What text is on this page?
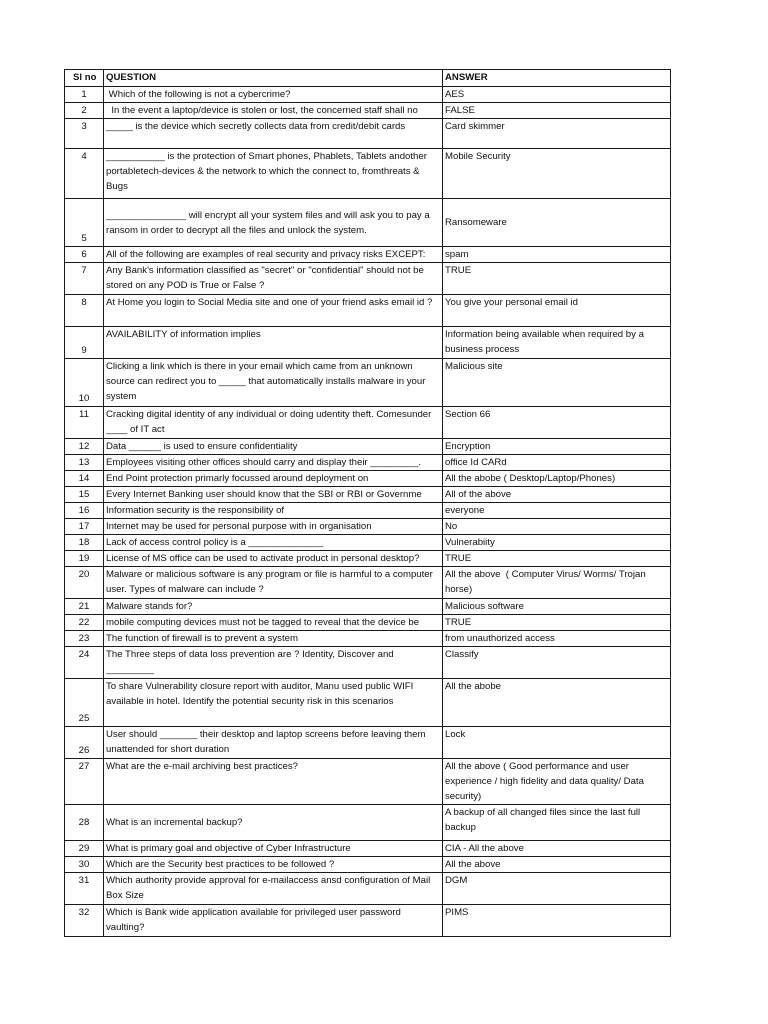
Sl no	QUESTION	ANSWER
1	Which of the following is not a cybercrime?	AES
2	In the event a laptop/device is stolen or lost, the concerned staff shall no	FALSE
3	_____ is the device which secretly collects data from credit/debit cards	Card skimmer
4	___________ is the protection of Smart phones, Phablets, Tablets andother portabletech-devices & the network to which the connect to, fromthreats & Bugs	Mobile Security
5	_______________ will encrypt all your system files and will ask you to pay a ransom in order to decrypt all the files and unlock the system.	Ransomeware
6	All of the following are examples of real security and privacy risks EXCEPT:	spam
7	Any Bank's information classified as "secret" or "confidential" should not be stored on any POD is True or False ?	TRUE
8	At Home you login to Social Media site and one of your friend asks email id ?	You give your personal email id
9	AVAILABILITY of information implies	Information being available when required by a business process
10	Clicking a link which is there in your email which came from an unknown source can redirect you to _____ that automatically installs malware in your system	Malicious site
11	Cracking digital identity of any individual or doing udentity theft. Comesunder ____ of IT act	Section 66
12	Data ______ is used to ensure confidentiality	Encryption
13	Employees visiting other offices should carry and display their _________.	office Id CARd
14	End Point protection primarly focussed around deployment on	All the abobe ( Desktop/Laptop/Phones)
15	Every Internet Banking user should know that the SBI or RBI or Governme	All of the above
16	Information security is the responsibility of	everyone
17	Internet may be used for personal purpose with in organisation	No
18	Lack of access control policy is a ______________	Vulnerabiity
19	License of MS office can be used to activate product in personal desktop?	TRUE
20	Malware or malicious software is any program or file is harmful to a computer user. Types of malware can include ?	All the above  ( Computer Virus/ Worms/ Trojan horse)
21	Malware stands for?	Malicious software
22	mobile computing devices must not be tagged to reveal that the device be	TRUE
23	The function of firewall is to prevent a system	from unauthorized access
24	The Three steps of data loss prevention are ? Identity, Discover and _________	Classify
25	To share Vulnerability closure report with auditor, Manu used public WIFI available in hotel. Identify the potential security risk in this scenarios	All the abobe
26	User should _______ their desktop and laptop screens before leaving them unattended for short duration	Lock
27	What are the e-mail archiving best practices?	All the above ( Good performance and user experience / high fidelity and data quality/ Data security)
28	What is an incremental backup?	A backup of all changed files since the last full backup
29	What is primary goal and objective of Cyber Infrastructure	CIA - All the above
30	Which are the Security best practices to be followed ?	All the above
31	Which authority provide approval for e-mailaccess ansd configuration of Mail Box Size	DGM
32	Which is Bank wide application available for privileged user password vaulting?	PIMS
